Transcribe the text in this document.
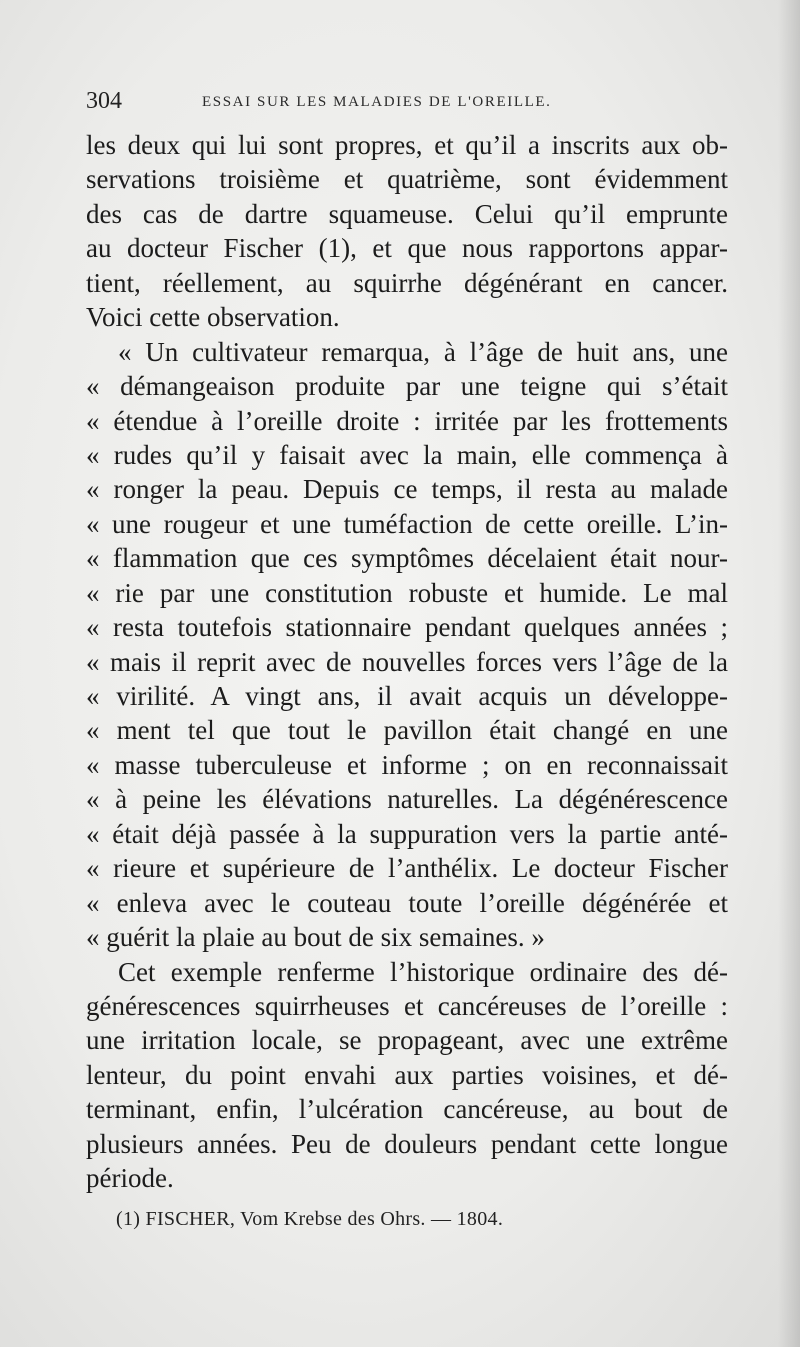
304	ESSAI SUR LES MALADIES DE L'OREILLE.
les deux qui lui sont propres, et qu’il a inscrits aux ob-
servations troisième et quatrième, sont évidemment
des cas de dartre squameuse. Celui qu’il emprunte
au docteur Fischer (1), et que nous rapportons appar-
tient, réellement, au squirrhe dégénérant en cancer.
Voici cette observation.
« Un cultivateur remarqua, à l’âge de huit ans, une
« démangeaison produite par une teigne qui s’était
« étendue à l’oreille droite : irritée par les frottements
« rudes qu’il y faisait avec la main, elle commença à
« ronger la peau. Depuis ce temps, il resta au malade
« une rougeur et une tuméfaction de cette oreille. L’in-
« flammation que ces symptômes décelaient était nour-
« rie par une constitution robuste et humide. Le mal
« resta toutefois stationnaire pendant quelques années ;
« mais il reprit avec de nouvelles forces vers l’âge de la
« virilité. A vingt ans, il avait acquis un développe-
« ment tel que tout le pavillon était changé en une
« masse tuberculeuse et informe ; on en reconnaissait
« à peine les élévations naturelles. La dégénérescence
« était déjà passée à la suppuration vers la partie anté-
« rieure et supérieure de l’anthélix. Le docteur Fischer
« enleva avec le couteau toute l’oreille dégénérée et
« guérit la plaie au bout de six semaines. »
Cet exemple renferme l’historique ordinaire des dé-
générescences squirrheuses et cancéreuses de l’oreille :
une irritation locale, se propageant, avec une extrême
lenteur, du point envahi aux parties voisines, et dé-
terminant, enfin, l’ulcération cancéreuse, au bout de
plusieurs années. Peu de douleurs pendant cette longue
période.
(1) FISCHER, Vom Krebse des Ohrs. — 1804.
